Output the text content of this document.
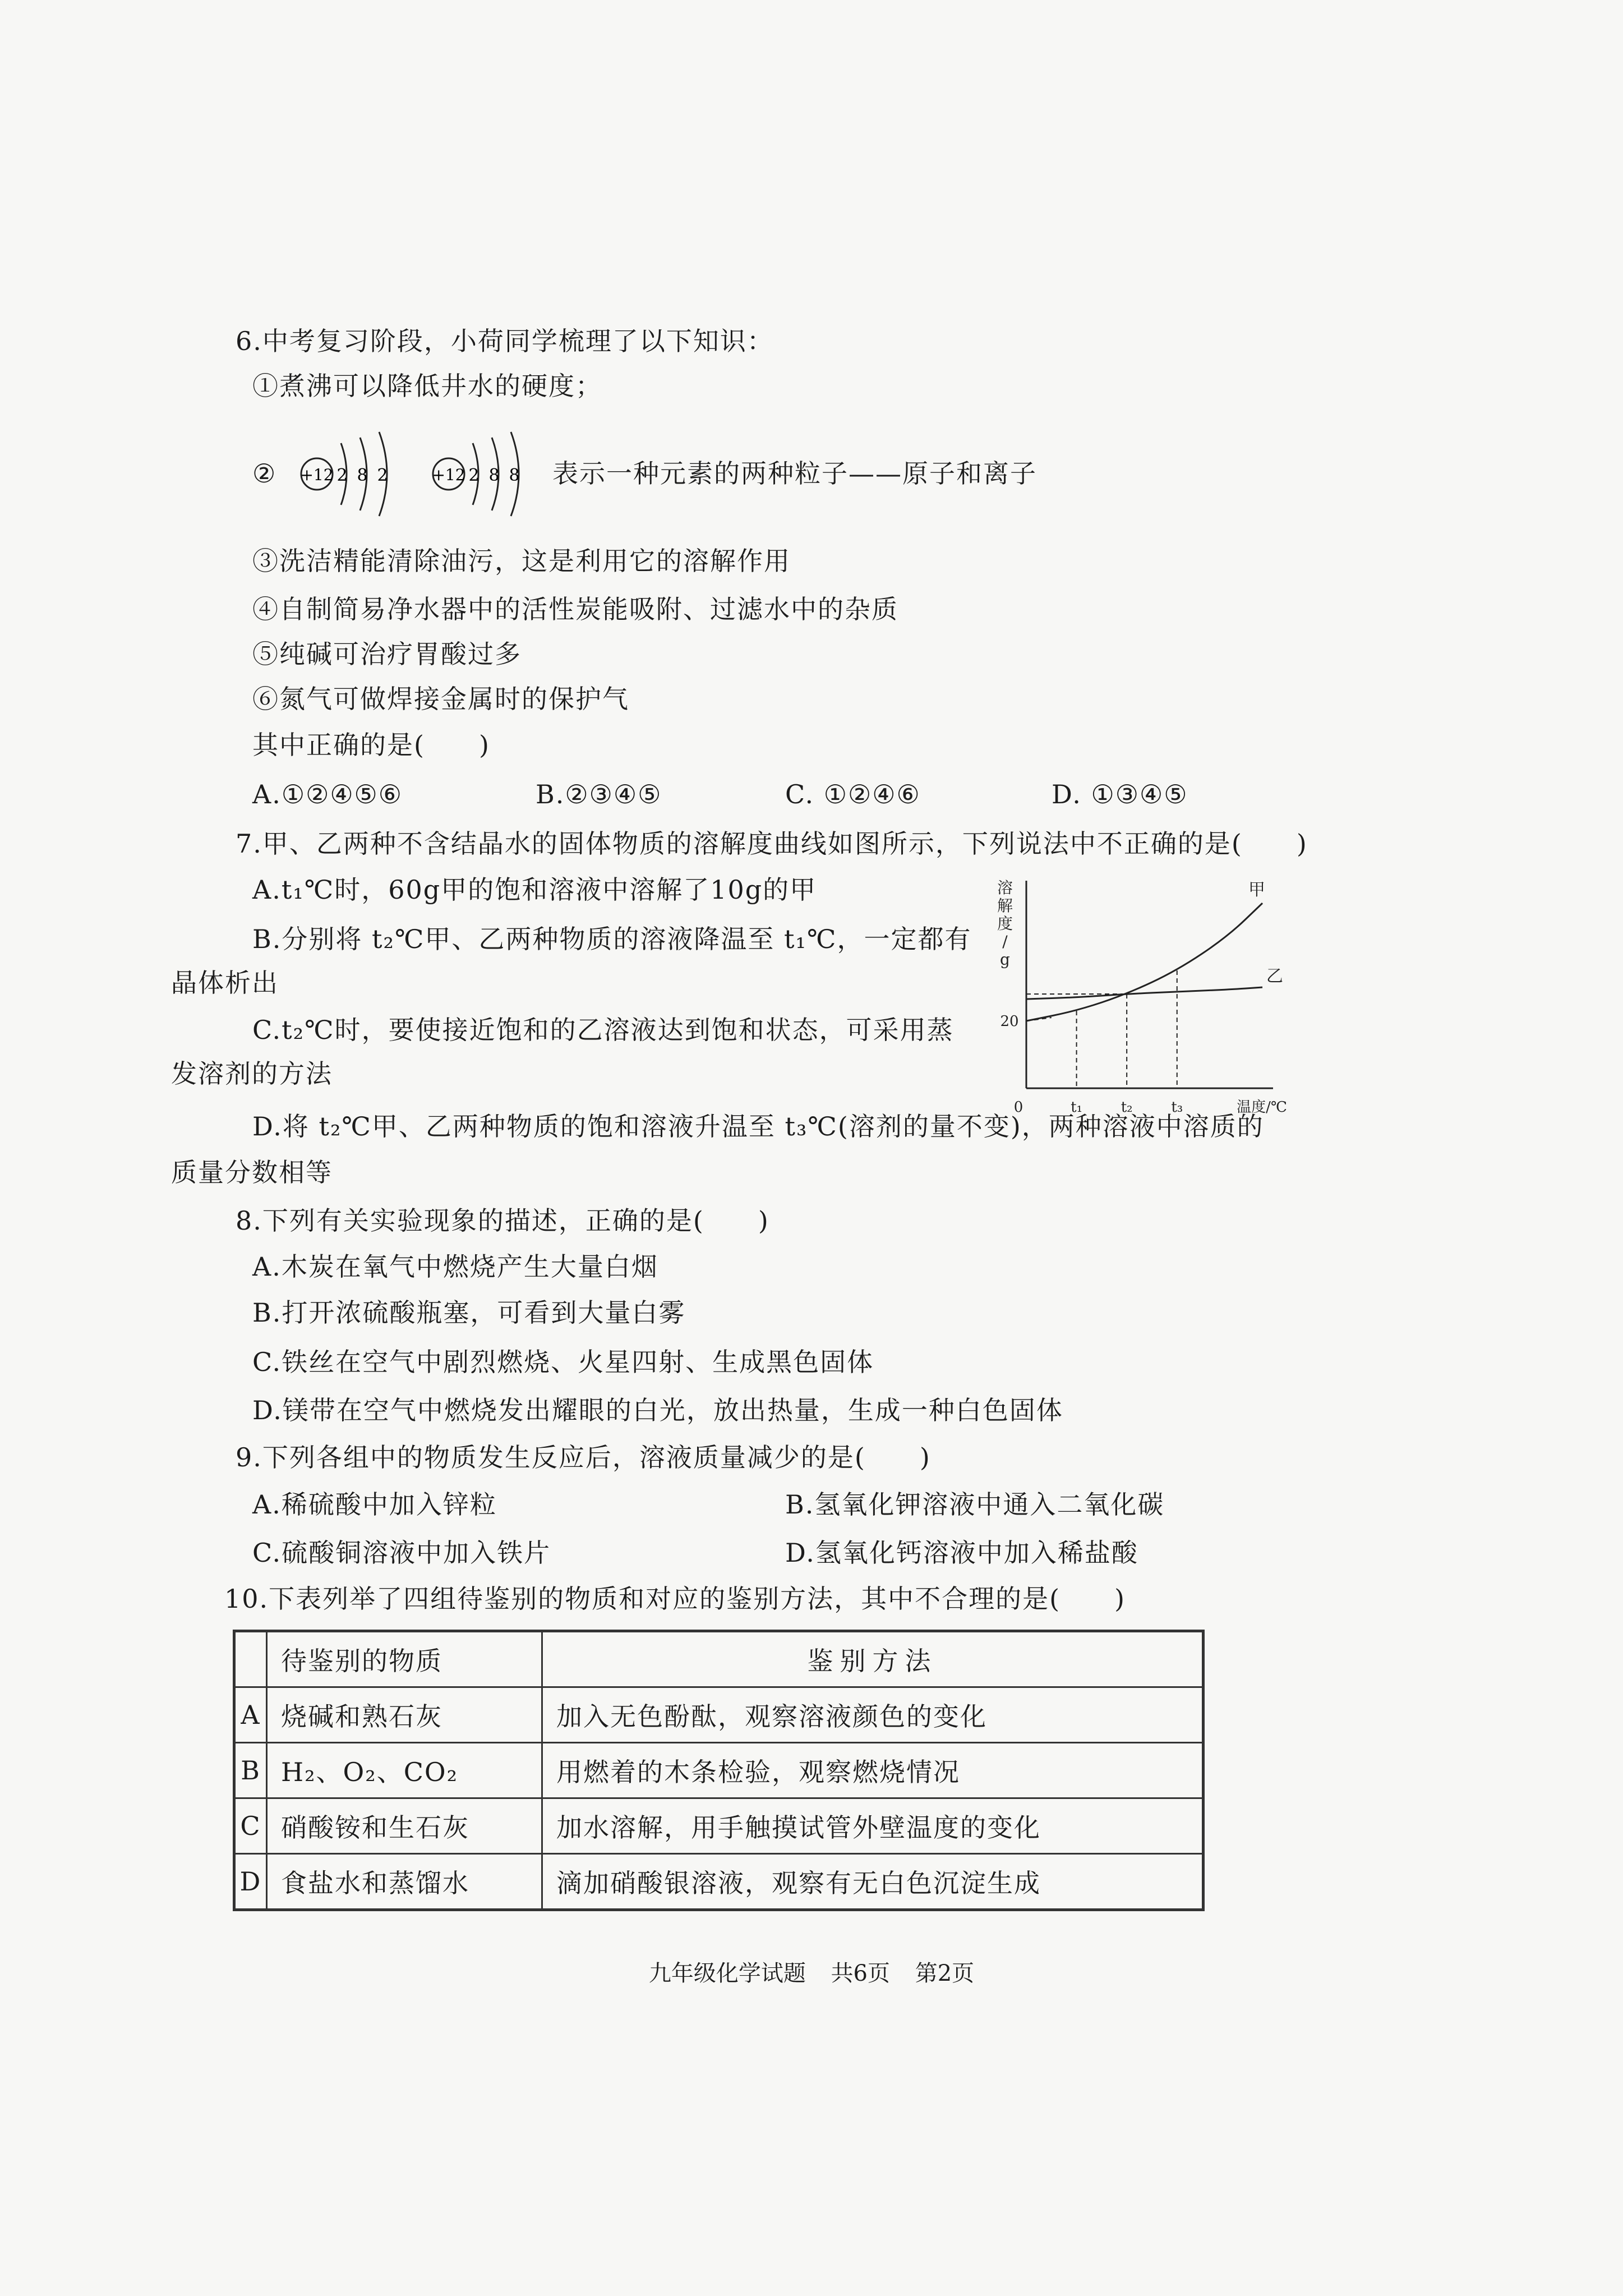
6.中考复习阶段，小荷同学梳理了以下知识：
①煮沸可以降低井水的硬度；
② +12 2 8 2	+12 2 8 8 表示一种元素的两种粒子——原子和离子
③洗洁精能清除油污，这是利用它的溶解作用
④自制简易净水器中的活性炭能吸附、过滤水中的杂质
⑤纯碱可治疗胃酸过多
⑥氮气可做焊接金属时的保护气
其中正确的是(　　)
A.①②④⑤⑥	B.②③④⑤	C. ①②④⑥	D. ①③④⑤
7.甲、乙两种不含结晶水的固体物质的溶解度曲线如图所示，下列说法中不正确的是(　　)
A.t₁℃时，60g甲的饱和溶液中溶解了10g的甲
B.分别将 t₂℃甲、乙两种物质的溶液降温至 t₁℃，一定都有
晶体析出
C.t₂℃时，要使接近饱和的乙溶液达到饱和状态，可采用蒸
发溶剂的方法
D.将 t₂℃甲、乙两种物质的饱和溶液升温至 t₃℃(溶剂的量不变)，两种溶液中溶质的
质量分数相等
溶
解
度
/
g
温度/℃
0
20
甲
乙
t₁	t₂	t₃
8.下列有关实验现象的描述，正确的是(　　)
A.木炭在氧气中燃烧产生大量白烟
B.打开浓硫酸瓶塞，可看到大量白雾
C.铁丝在空气中剧烈燃烧、火星四射、生成黑色固体
D.镁带在空气中燃烧发出耀眼的白光，放出热量，生成一种白色固体
9.下列各组中的物质发生反应后，溶液质量减少的是(　　)
A.稀硫酸中加入锌粒	B.氢氧化钾溶液中通入二氧化碳
C.硫酸铜溶液中加入铁片	D.氢氧化钙溶液中加入稀盐酸
10.下表列举了四组待鉴别的物质和对应的鉴别方法，其中不合理的是(　　)
	待鉴别的物质	鉴别方法
A	烧碱和熟石灰	加入无色酚酞，观察溶液颜色的变化
B	H₂、O₂、CO₂	用燃着的木条检验，观察燃烧情况
C	硝酸铵和生石灰	加水溶解，用手触摸试管外壁温度的变化
D	食盐水和蒸馏水	滴加硝酸银溶液，观察有无白色沉淀生成
九年级化学试题 共6页 第2页
